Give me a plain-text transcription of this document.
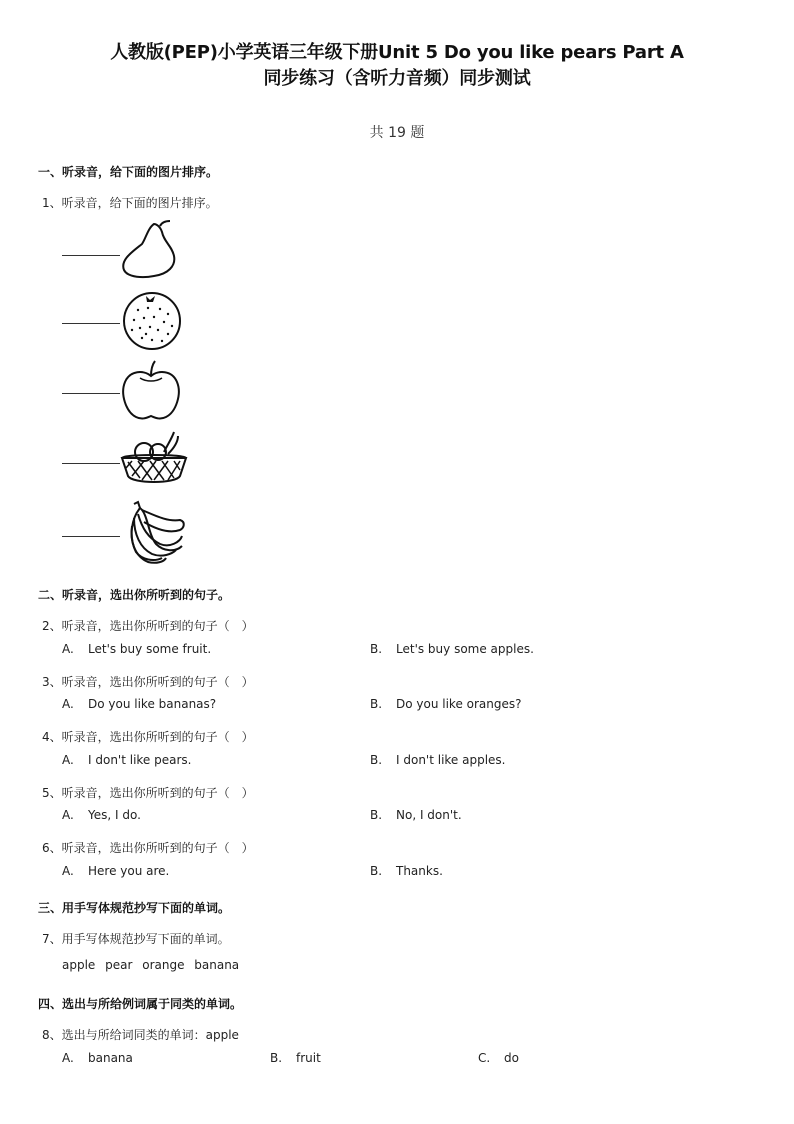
人教版(PEP)小学英语三年级下册Unit 5 Do you like pears Part A
同步练习（含听力音频）同步测试
共 19 题
一、听录音，给下面的图片排序。
1、听录音，给下面的图片排序。
二、听录音，选出你所听到的句子。
2、听录音，选出你所听到的句子（　）
A. Let's buy some fruit.	B. Let's buy some apples.
3、听录音，选出你所听到的句子（　）
A. Do you like bananas?	B. Do you like oranges?
4、听录音，选出你所听到的句子（　）
A. I don't like pears.	B. I don't like apples.
5、听录音，选出你所听到的句子（　）
A. Yes, I do.	B. No, I don't.
6、听录音，选出你所听到的句子（　）
A. Here you are.	B. Thanks.
三、用手写体规范抄写下面的单词。
7、用手写体规范抄写下面的单词。
apple pear orange banana
四、选出与所给例词属于同类的单词。
8、选出与所给词同类的单词：apple
A. banana	B. fruit	C. do
